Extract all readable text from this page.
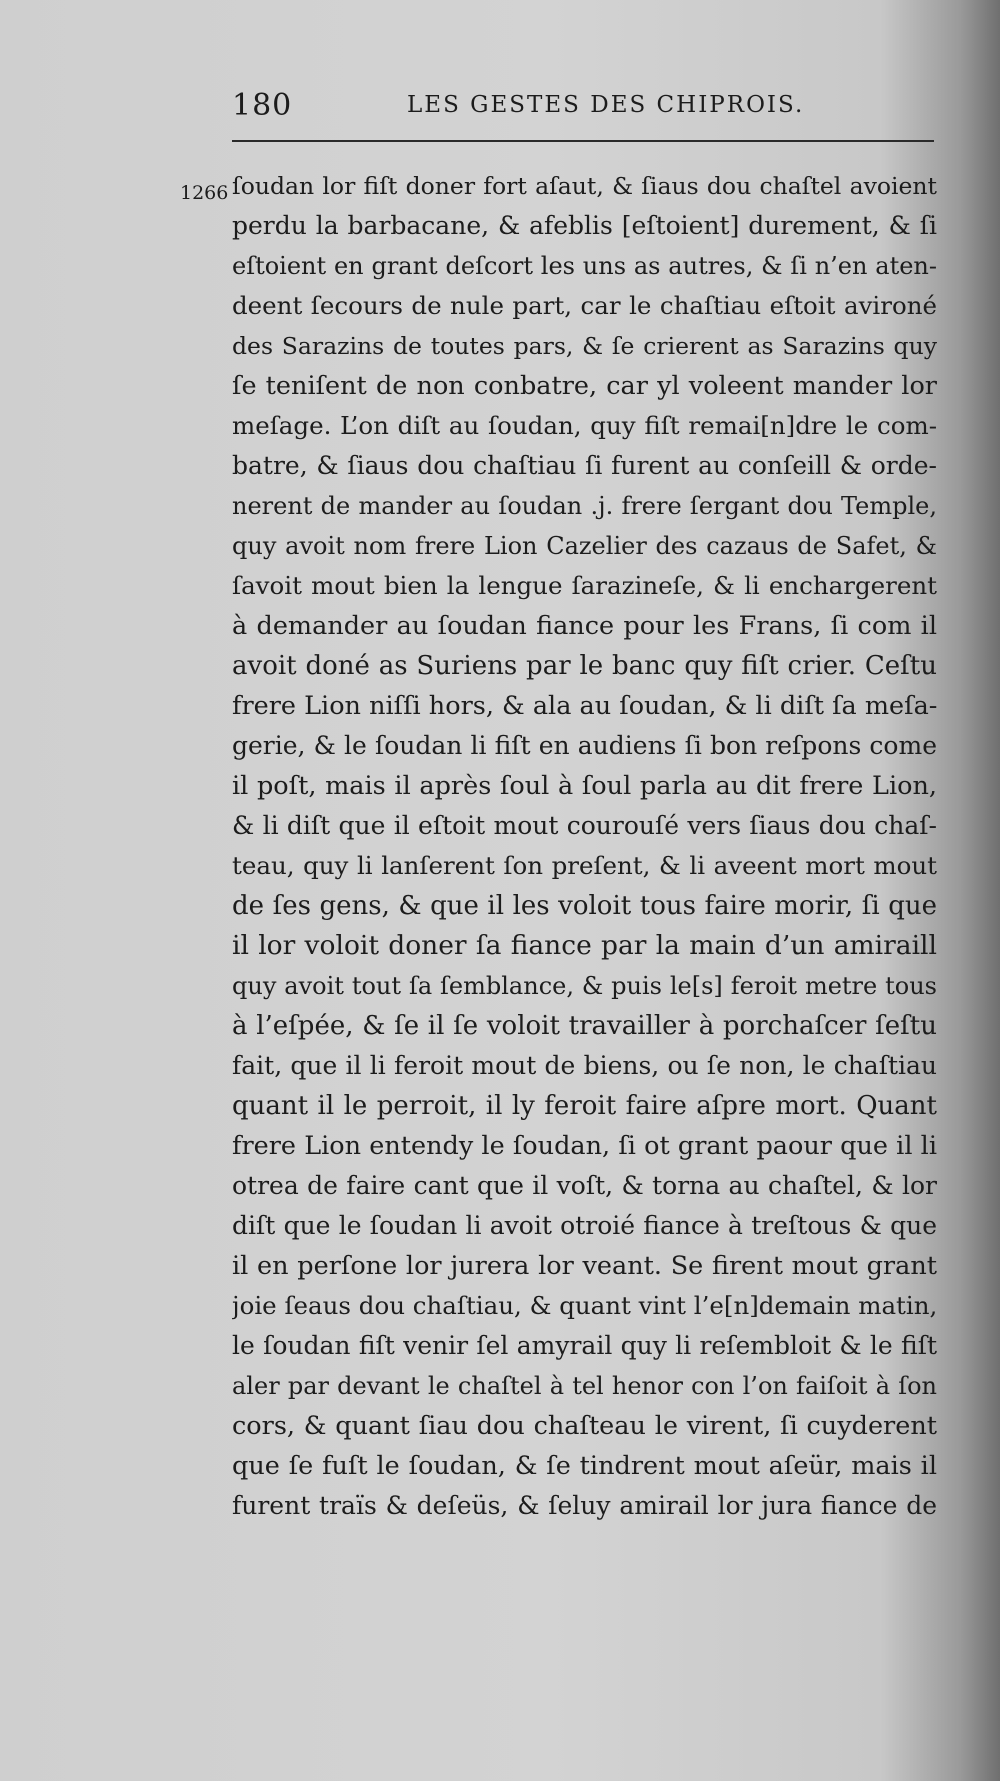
180	LES GESTES DES CHIPROIS.
1266 ſoudan lor fiſt doner fort aſaut, & ſiaus dou chaſtel avoient
perdu la barbacane, & afeblis [eſtoient] durement, & ſi
eſtoient en grant deſcort les uns as autres, & ſi n’en aten-
deent ſecours de nule part, car le chaſtiau eſtoit avironé
des Sarazins de toutes pars, & ſe crierent as Sarazins quy
ſe teniſent de non conbatre, car yl voleent mander lor
meſage. L’on diſt au ſoudan, quy fiſt remai[n]dre le com-
batre, & ſiaus dou chaſtiau ſi furent au conſeill & orde-
nerent de mander au ſoudan .j. frere ſergant dou Temple,
quy avoit nom frere Lion Cazelier des cazaus de Safet, &
ſavoit mout bien la lengue ſarazineſe, & li enchargerent
à demander au ſoudan fiance pour les Frans, ſi com il
avoit doné as Suriens par le banc quy fiſt crier. Ceſtu
frere Lion niſſi hors, & ala au ſoudan, & li diſt ſa meſa-
gerie, & le ſoudan li fiſt en audiens ſi bon reſpons come
il poſt, mais il après ſoul à ſoul parla au dit frere Lion,
& li diſt que il eſtoit mout courouſé vers ſiaus dou chaſ-
teau, quy li lanſerent ſon preſent, & li aveent mort mout
de ſes gens, & que il les voloit tous faire morir, ſi que
il lor voloit doner ſa fiance par la main d’un amiraill
quy avoit tout ſa ſemblance, & puis le[s] feroit metre tous
à l’eſpée, & ſe il ſe voloit travailler à porchaſcer ſeſtu
fait, que il li feroit mout de biens, ou ſe non, le chaſtiau
quant il le perroit, il ly feroit faire aſpre mort. Quant
frere Lion entendy le ſoudan, ſi ot grant paour que il li
otrea de faire cant que il voſt, & torna au chaſtel, & lor
diſt que le ſoudan li avoit otroié fiance à treſtous & que
il en perſone lor jurera lor veant. Se firent mout grant
joie ſeaus dou chaſtiau, & quant vint l’e[n]demain matin,
le ſoudan fiſt venir ſel amyrail quy li reſembloit & le fiſt
aler par devant le chaſtel à tel henor con l’on faiſoit à ſon
cors, & quant ſiau dou chaſteau le virent, ſi cuyderent
que ſe fuſt le ſoudan, & ſe tindrent mout aſeür, mais il
furent traïs & deſeüs, & ſeluy amirail lor jura fiance de
